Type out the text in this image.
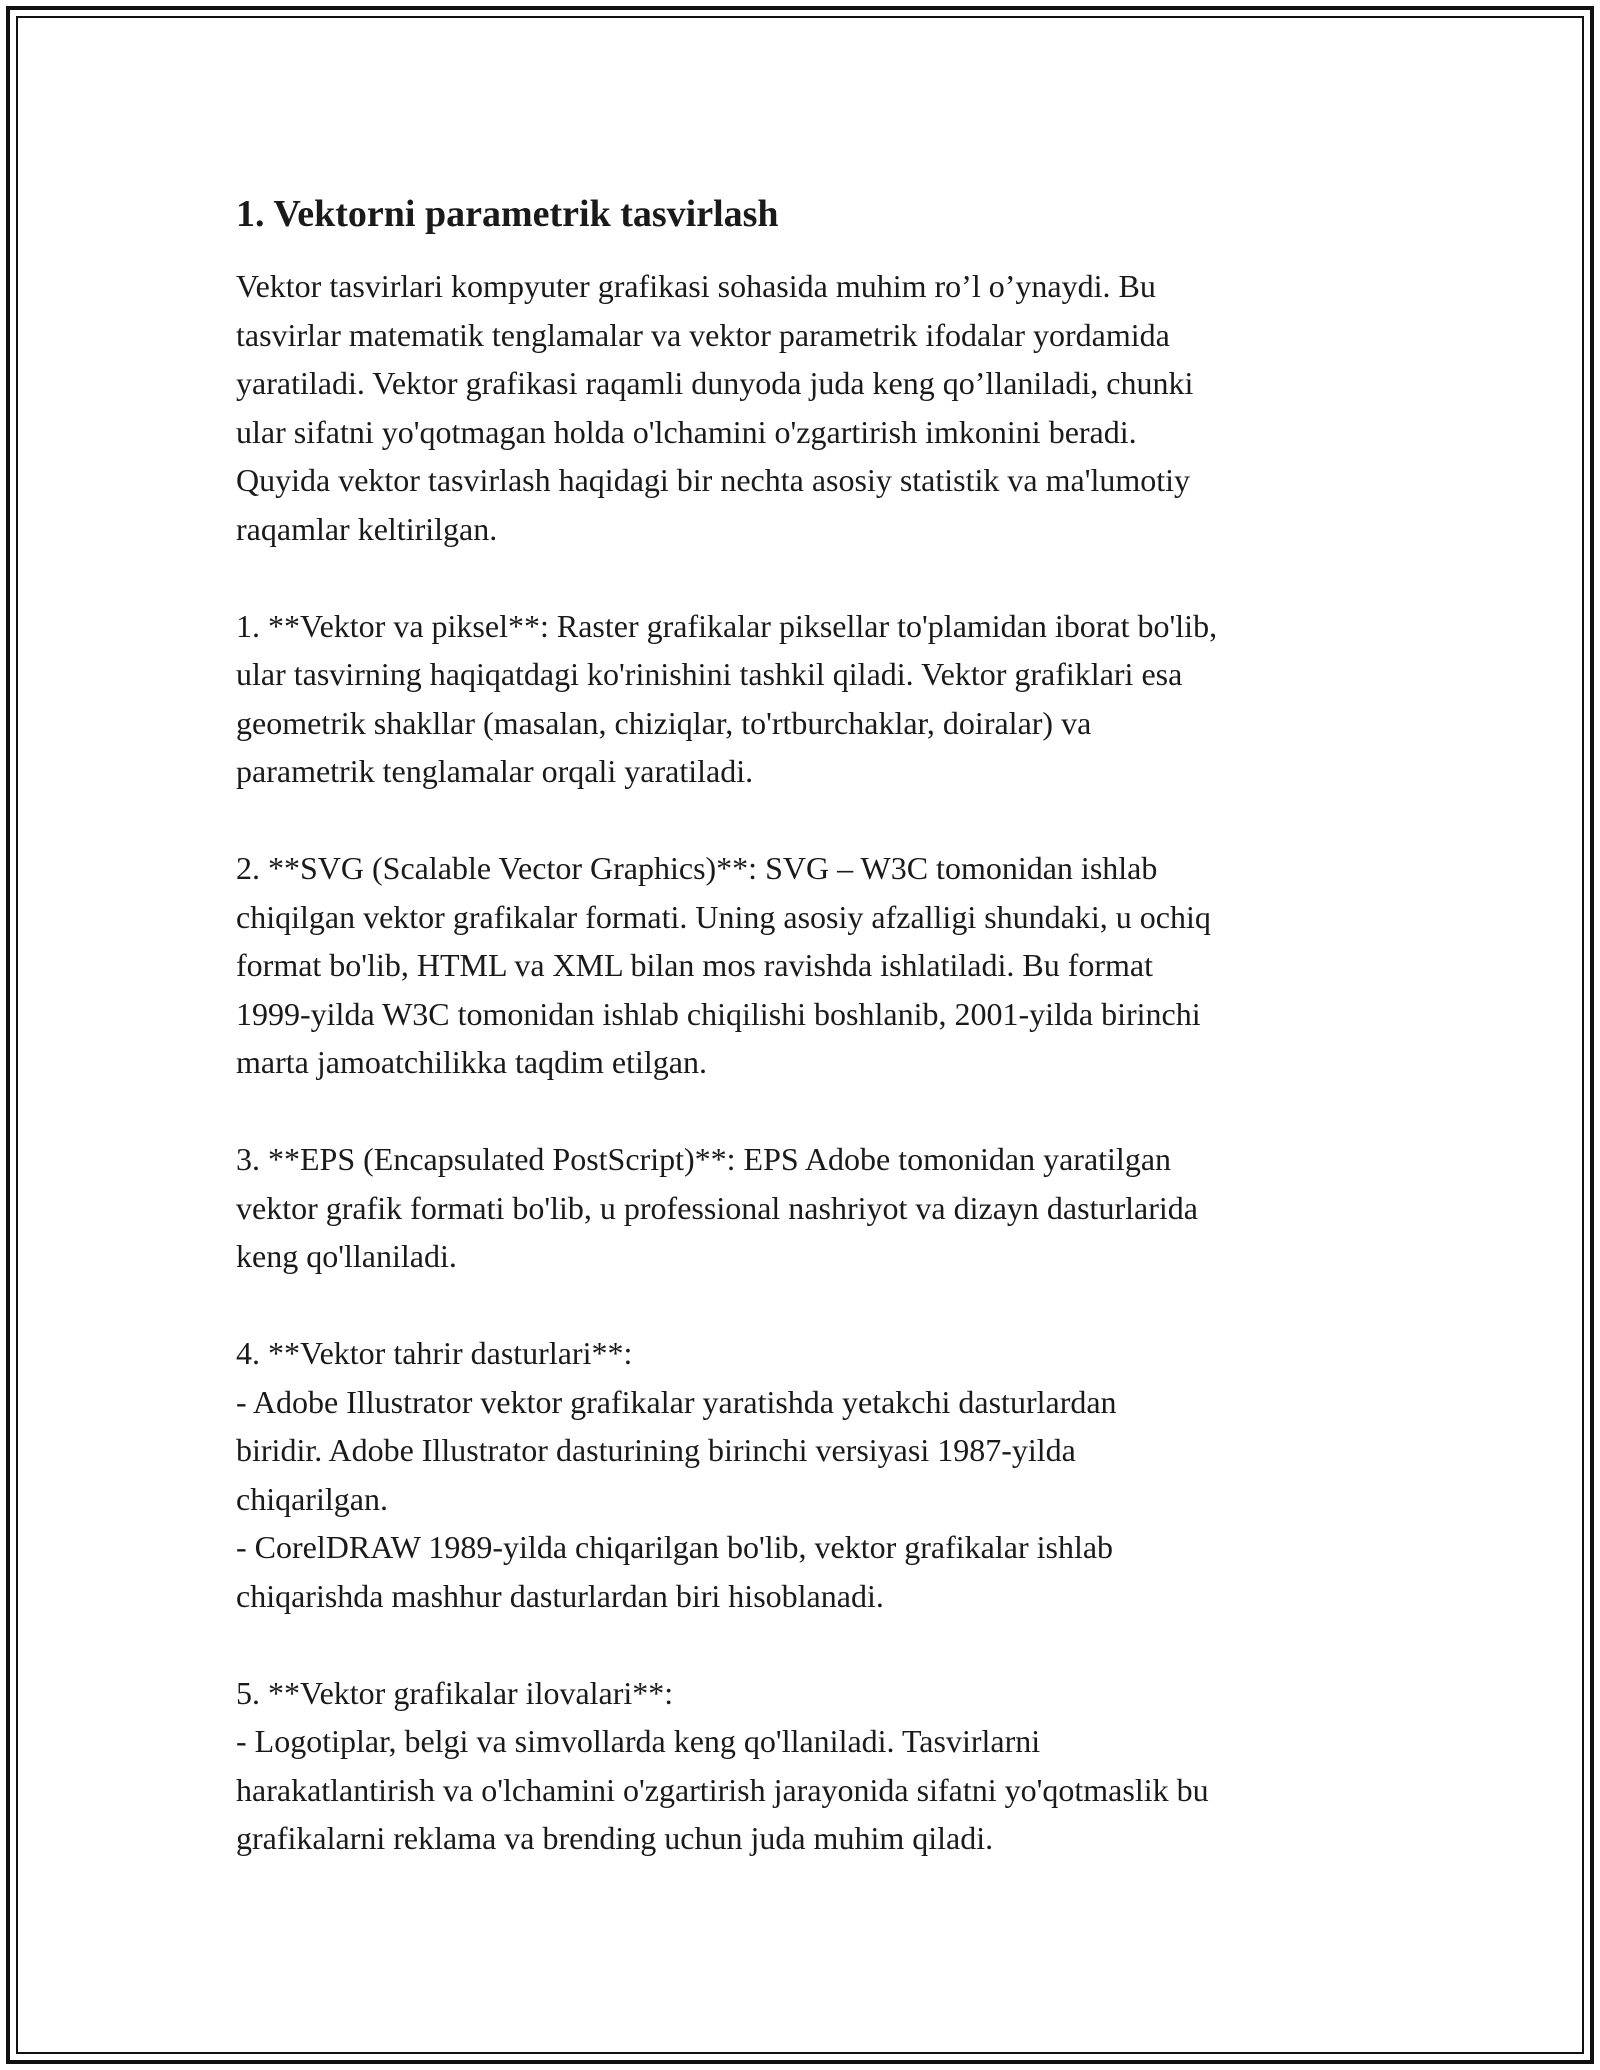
1. Vektorni parametrik tasvirlash

Vektor tasvirlari kompyuter grafikasi sohasida muhim ro’l o’ynaydi. Bu
tasvirlar matematik tenglamalar va vektor parametrik ifodalar yordamida
yaratiladi. Vektor grafikasi raqamli dunyoda juda keng qo’llaniladi, chunki
ular sifatni yo'qotmagan holda o'lchamini o'zgartirish imkonini beradi.
Quyida vektor tasvirlash haqidagi bir nechta asosiy statistik va ma'lumotiy
raqamlar keltirilgan.

1. **Vektor va piksel**: Raster grafikalar piksellar to'plamidan iborat bo'lib,
ular tasvirning haqiqatdagi ko'rinishini tashkil qiladi. Vektor grafiklari esa
geometrik shakllar (masalan, chiziqlar, to'rtburchaklar, doiralar) va
parametrik tenglamalar orqali yaratiladi.

2. **SVG (Scalable Vector Graphics)**: SVG – W3C tomonidan ishlab
chiqilgan vektor grafikalar formati. Uning asosiy afzalligi shundaki, u ochiq
format bo'lib, HTML va XML bilan mos ravishda ishlatiladi. Bu format
1999-yilda W3C tomonidan ishlab chiqilishi boshlanib, 2001-yilda birinchi
marta jamoatchilikka taqdim etilgan.

3. **EPS (Encapsulated PostScript)**: EPS Adobe tomonidan yaratilgan
vektor grafik formati bo'lib, u professional nashriyot va dizayn dasturlarida
keng qo'llaniladi.

4. **Vektor tahrir dasturlari**:
- Adobe Illustrator vektor grafikalar yaratishda yetakchi dasturlardan
biridir. Adobe Illustrator dasturining birinchi versiyasi 1987-yilda
chiqarilgan.
- CorelDRAW 1989-yilda chiqarilgan bo'lib, vektor grafikalar ishlab
chiqarishda mashhur dasturlardan biri hisoblanadi.

5. **Vektor grafikalar ilovalari**:
- Logotiplar, belgi va simvollarda keng qo'llaniladi. Tasvirlarni
harakatlantirish va o'lchamini o'zgartirish jarayonida sifatni yo'qotmaslik bu
grafikalarni reklama va brending uchun juda muhim qiladi.
